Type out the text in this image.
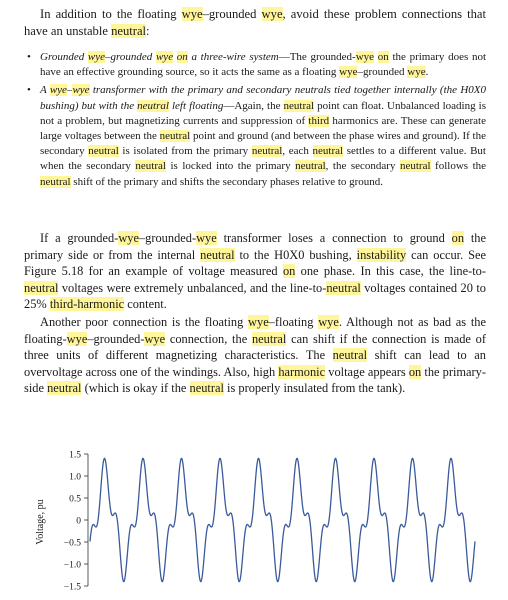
In addition to the floating wye–grounded wye, avoid these problem connections that have an unstable neutral:

• Grounded wye–grounded wye on a three-wire system—The grounded-wye on the primary does not have an effective grounding source, so it acts the same as a floating wye–grounded wye.
• A wye–wye transformer with the primary and secondary neutrals tied together internally (the H0X0 bushing) but with the neutral left floating—Again, the neutral point can float. Unbalanced loading is not a problem, but magnetizing currents and suppression of third harmonics are. These can generate large voltages between the neutral point and ground (and between the phase wires and ground). If the secondary neutral is isolated from the primary neutral, each neutral settles to a different value. But when the secondary neutral is locked into the primary neutral, the secondary neutral follows the neutral shift of the primary and shifts the secondary phases relative to ground.

If a grounded-wye–grounded-wye transformer loses a connection to ground on the primary side or from the internal neutral to the H0X0 bushing, instability can occur. See Figure 5.18 for an example of voltage measured on one phase. In this case, the line-to-neutral voltages were extremely unbalanced, and the line-to-neutral voltages contained 20 to 25% third-harmonic content.

Another poor connection is the floating wye–floating wye. Although not as bad as the floating-wye–grounded-wye connection, the neutral can shift if the connection is made of three units of different magnetizing characteristics. The neutral shift can lead to an overvoltage across one of the windings. Also, high harmonic voltage appears on the primary-side neutral (which is okay if the neutral is properly insulated from the tank).

1.5
1.0
0.5
0
−0.5
−1.0
−1.5
Voltage, pu
